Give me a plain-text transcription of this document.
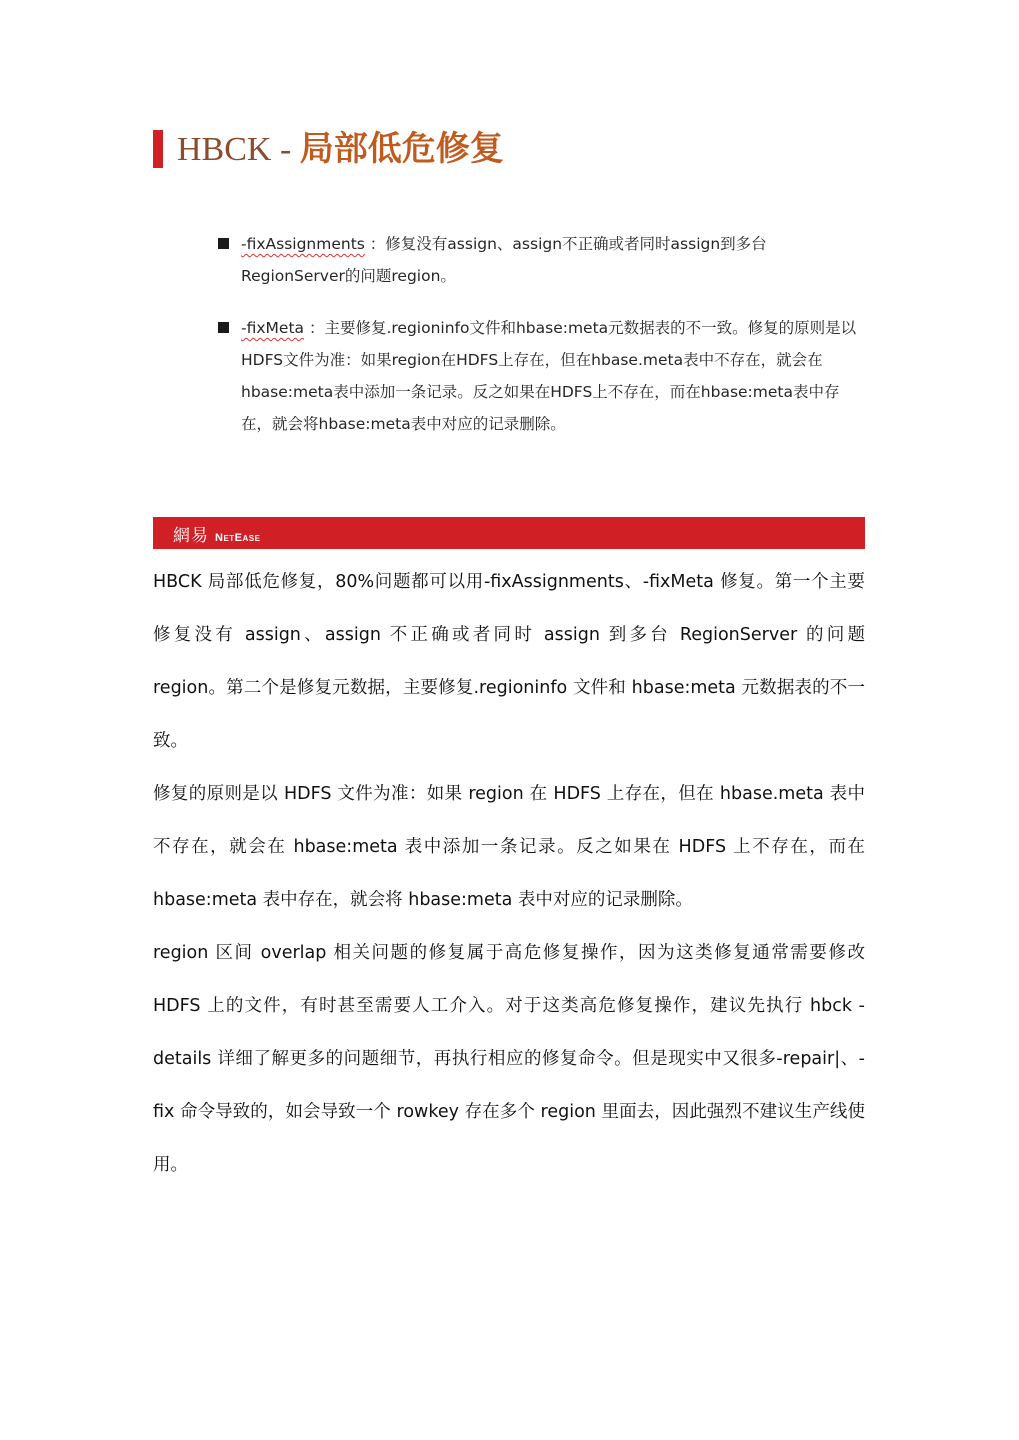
HBCK - 局部低危修复
-fixAssignments ：修复没有assign、assign不正确或者同时assign到多台RegionServer的问题region。
-fixMeta ：主要修复.regioninfo文件和hbase:meta元数据表的不一致。修复的原则是以HDFS文件为准：如果region在HDFS上存在，但在hbase.meta表中不存在，就会在hbase:meta表中添加一条记录。反之如果在HDFS上不存在，而在hbase:meta表中存在，就会将hbase:meta表中对应的记录删除。
網易 NetEase

HBCK 局部低危修复，80%问题都可以用-fixAssignments、-fixMeta 修复。第一个主要修复没有 assign、assign 不正确或者同时 assign 到多台 RegionServer 的问题 region。第二个是修复元数据，主要修复.regioninfo 文件和 hbase:meta 元数据表的不一致。

修复的原则是以 HDFS 文件为准：如果 region 在 HDFS 上存在，但在 hbase.meta 表中不存在，就会在 hbase:meta 表中添加一条记录。反之如果在 HDFS 上不存在，而在 hbase:meta 表中存在，就会将 hbase:meta 表中对应的记录删除。

region 区间 overlap 相关问题的修复属于高危修复操作，因为这类修复通常需要修改 HDFS 上的文件，有时甚至需要人工介入。对于这类高危修复操作，建议先执行 hbck -details 详细了解更多的问题细节，再执行相应的修复命令。但是现实中又很多-repair|、-fix 命令导致的，如会导致一个 rowkey 存在多个 region 里面去，因此强烈不建议生产线使用。
